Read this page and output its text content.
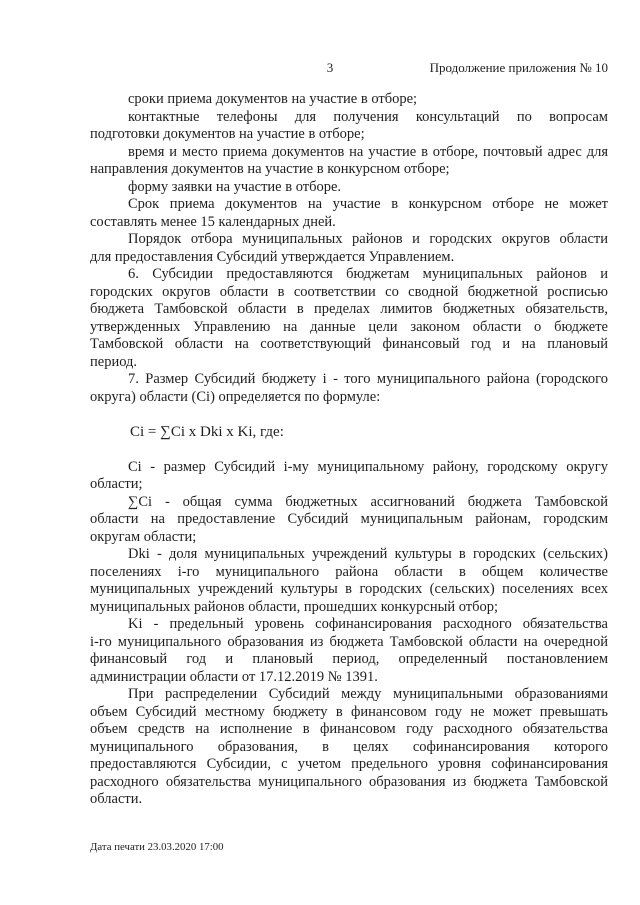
3	Продолжение приложения № 10
сроки приема документов на участие в отборе;
контактные телефоны для получения консультаций по вопросам
подготовки документов на участие в отборе;
время и место приема документов на участие в отборе, почтовый адрес для
направления документов на участие в конкурсном отборе;
форму заявки на участие в отборе.
Срок приема документов на участие в конкурсном отборе не может
составлять менее 15 календарных дней.
Порядок отбора муниципальных районов и городских округов области
для предоставления Субсидий утверждается Управлением.
6. Субсидии предоставляются бюджетам муниципальных районов и
городских округов области в соответствии со сводной бюджетной росписью
бюджета Тамбовской области в пределах лимитов бюджетных обязательств,
утвержденных Управлению на данные цели законом области о бюджете
Тамбовской области на соответствующий финансовый год и на плановый
период.
7. Размер Субсидий бюджету i - того муниципального района (городского
округа) области (Ci) определяется по формуле:
Ci = ∑Ci x Dki x Ki, где:
Ci - размер Субсидий i-му муниципальному району, городскому округу
области;
∑Ci - общая сумма бюджетных ассигнований бюджета Тамбовской
области на предоставление Субсидий муниципальным районам, городским
округам области;
Dki - доля муниципальных учреждений культуры в городских (сельских)
поселениях i-го муниципального района области в общем количестве
муниципальных учреждений культуры в городских (сельских) поселениях всех
муниципальных районов области, прошедших конкурсный отбор;
Ki - предельный уровень софинансирования расходного обязательства
i-го муниципального образования из бюджета Тамбовской области на очередной
финансовый год и плановый период, определенный постановлением
администрации области от 17.12.2019 № 1391.
При распределении Субсидий между муниципальными образованиями
объем Субсидий местному бюджету в финансовом году не может превышать
объем средств на исполнение в финансовом году расходного обязательства
муниципального образования, в целях софинансирования которого
предоставляются Субсидии, с учетом предельного уровня софинансирования
расходного обязательства муниципального образования из бюджета Тамбовской
области.
Дата печати 23.03.2020 17:00
